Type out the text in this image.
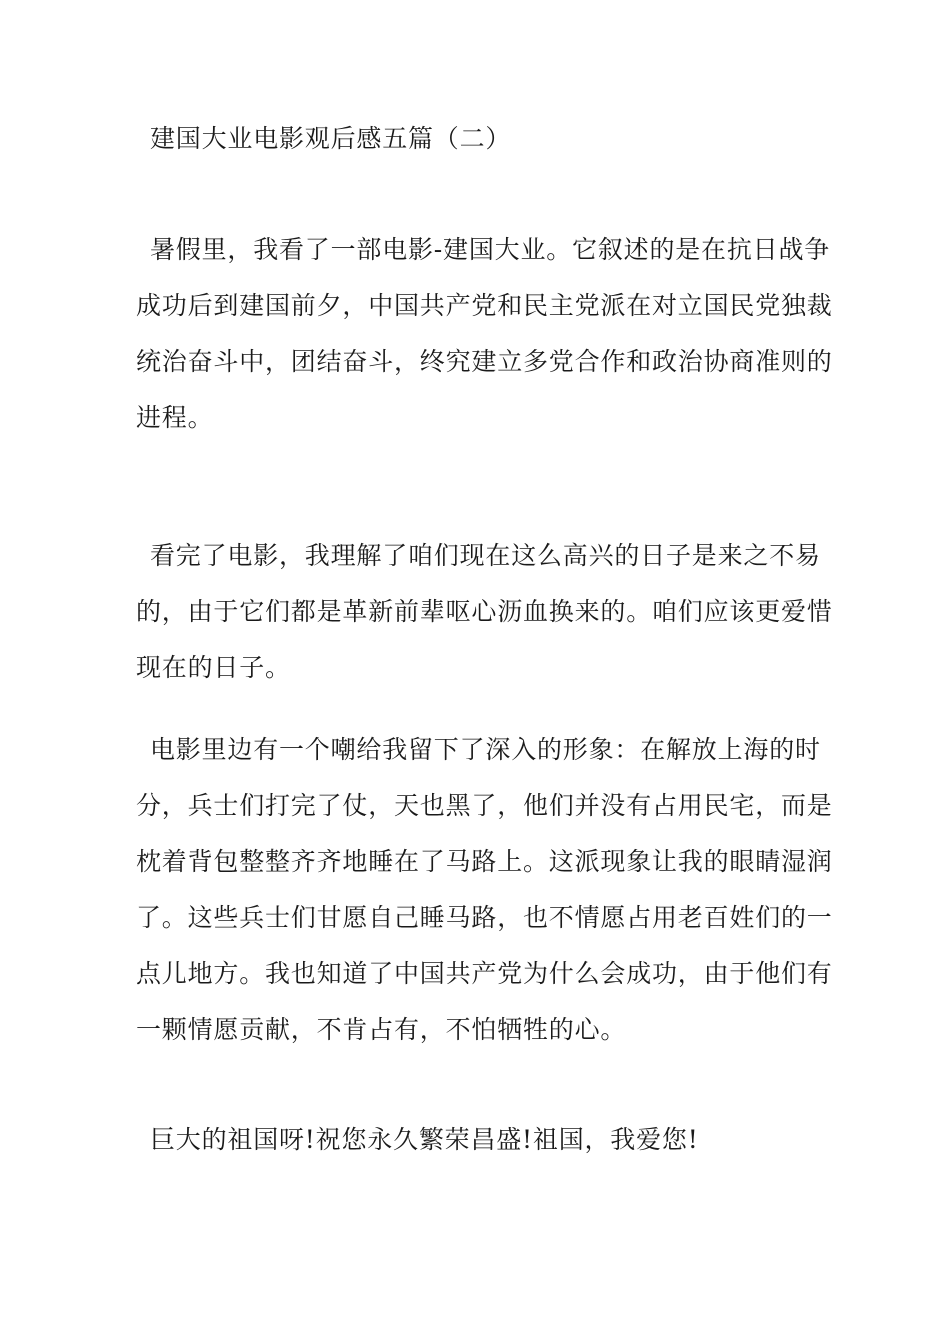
建国大业电影观后感五篇（二）

暑假里，我看了一部电影-建国大业。它叙述的是在抗日战争成功后到建国前夕，中国共产党和民主党派在对立国民党独裁统治奋斗中，团结奋斗，终究建立多党合作和政治协商准则的进程。

看完了电影，我理解了咱们现在这么高兴的日子是来之不易的，由于它们都是革新前辈呕心沥血换来的。咱们应该更爱惜现在的日子。

电影里边有一个嘲给我留下了深入的形象：在解放上海的时分，兵士们打完了仗，天也黑了，他们并没有占用民宅，而是枕着背包整整齐齐地睡在了马路上。这派现象让我的眼睛湿润了。这些兵士们甘愿自己睡马路，也不情愿占用老百姓们的一点儿地方。我也知道了中国共产党为什么会成功，由于他们有一颗情愿贡献，不肯占有，不怕牺牲的心。

巨大的祖国呀!祝您永久繁荣昌盛!祖国，我爱您!
